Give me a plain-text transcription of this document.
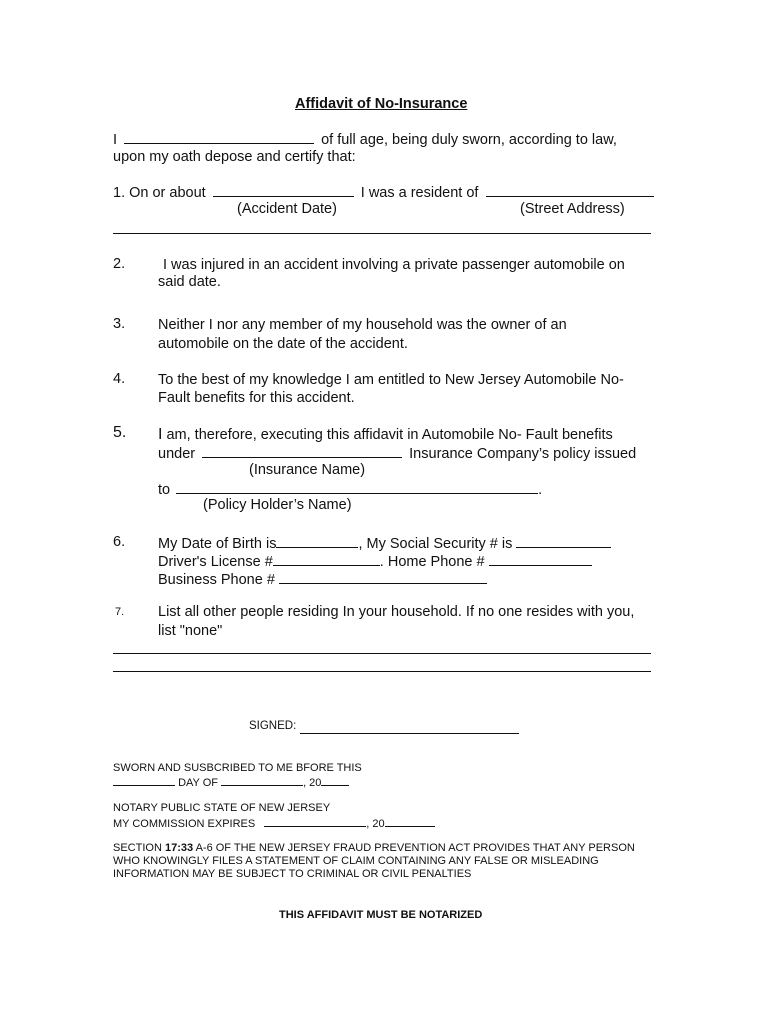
Affidavit of No-Insurance
I	of full age, being duly sworn, according to law,
upon my oath depose and certify that:
1. On or about	I was a resident of
(Accident Date)	(Street Address)
2.	I was injured in an accident involving a private passenger automobile on
said date.
3. Neither I nor any member of my household was the owner of an
automobile on the date of the accident.
4. To the best of my knowledge I am entitled to New Jersey Automobile No-
Fault benefits for this accident.
5. I am, therefore, executing this affidavit in Automobile No- Fault benefits
under	Insurance Company’s policy issued
(Insurance Name)
to	.
(Policy Holder’s Name)
6. My Date of Birth is	, My Social Security # is
Driver's License #	. Home Phone #
Business Phone #
7. List all other people residing In your household. If no one resides with you,
list "none"
SIGNED:
SWORN AND SUSBCRIBED TO ME BFORE THIS
DAY OF	, 20
NOTARY PUBLIC STATE OF NEW JERSEY
MY COMMISSION EXPIRES	, 20
SECTION 17:33 A-6 OF THE NEW JERSEY FRAUD PREVENTION ACT PROVIDES THAT ANY PERSON
WHO KNOWINGLY FILES A STATEMENT OF CLAIM CONTAINING ANY FALSE OR MISLEADING
INFORMATION MAY BE SUBJECT TO CRIMINAL OR CIVIL PENALTIES
THIS AFFIDAVIT MUST BE NOTARIZED
